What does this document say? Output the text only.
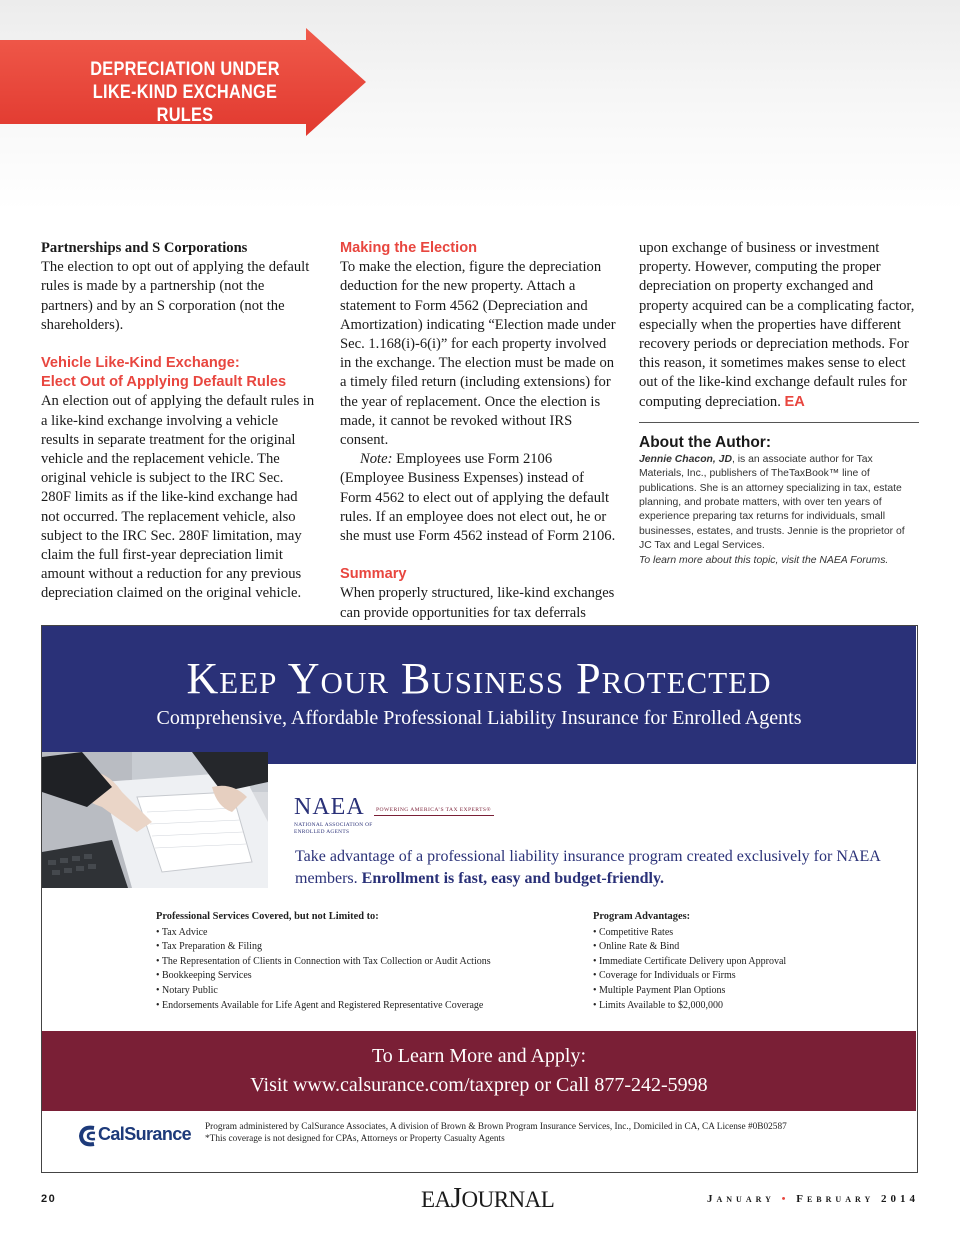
DEPRECIATION UNDER
LIKE-KIND EXCHANGE RULES

Partnerships and S Corporations

The election to opt out of applying the default rules is made by a partnership (not the partners) and by an S corporation (not the shareholders).

Vehicle Like-Kind Exchange:
Elect Out of Applying Default Rules

An election out of applying the default rules in a like-kind exchange involving a vehicle results in separate treatment for the original vehicle and the replacement vehicle. The original vehicle is subject to the IRC Sec. 280F limits as if the like-kind exchange had not occurred. The replacement vehicle, also subject to the IRC Sec. 280F limitation, may claim the full first-year depreciation limit amount without a reduction for any previous depreciation claimed on the original vehicle.

Making the Election

To make the election, figure the depreciation deduction for the new property. Attach a statement to Form 4562 (Depreciation and Amortization) indicating “Election made under Sec. 1.168(i)-6(i)” for each property involved in the exchange. The election must be made on a timely filed return (including extensions) for the year of replacement. Once the election is made, it cannot be revoked without IRS consent.

Note: Employees use Form 2106 (Employee Business Expenses) instead of Form 4562 to elect out of applying the default rules. If an employee does not elect out, he or she must use Form 4562 instead of Form 2106.

Summary

When properly structured, like-kind exchanges can provide opportunities for tax deferrals

upon exchange of business or investment property. However, computing the proper depreciation on property exchanged and property acquired can be a complicating factor, especially when the properties have different recovery periods or depreciation methods. For this reason, it sometimes makes sense to elect out of the like-kind exchange default rules for computing depreciation. EA

About the Author:

Jennie Chacon, JD, is an associate author for Tax Materials, Inc., publishers of TheTaxBook™ line of publications. She is an attorney specializing in tax, estate planning, and probate matters, with over ten years of experience preparing tax returns for individuals, small businesses, estates, and trusts. Jennie is the proprietor of JC Tax and Legal Services.

To learn more about this topic, visit the NAEA Forums.

Keep Your Business Protected
Comprehensive, Affordable Professional Liability Insurance for Enrolled Agents
NAEA POWERING AMERICA’S TAX EXPERTS®
NATIONAL ASSOCIATION OF ENROLLED AGENTS

Take advantage of a professional liability insurance program created exclusively for NAEA members. Enrollment is fast, easy and budget-friendly.

Professional Services Covered, but not Limited to:
• Tax Advice
• Tax Preparation & Filing
• The Representation of Clients in Connection with Tax Collection or Audit Actions
• Bookkeeping Services
• Notary Public
• Endorsements Available for Life Agent and Registered Representative Coverage
Program Advantages:
• Competitive Rates
• Online Rate & Bind
• Immediate Certificate Delivery upon Approval
• Coverage for Individuals or Firms
• Multiple Payment Plan Options
• Limits Available to $2,000,000
To Learn More and Apply:
Visit www.calsurance.com/taxprep or Call 877-242-5998
CalSurance Program administered by CalSurance Associates, A division of Brown & Brown Program Insurance Services, Inc., Domiciled in CA, CA License #0B02587
*This coverage is not designed for CPAs, Attorneys or Property Casualty Agents
20	EAJOURNAL	January • February 2014
